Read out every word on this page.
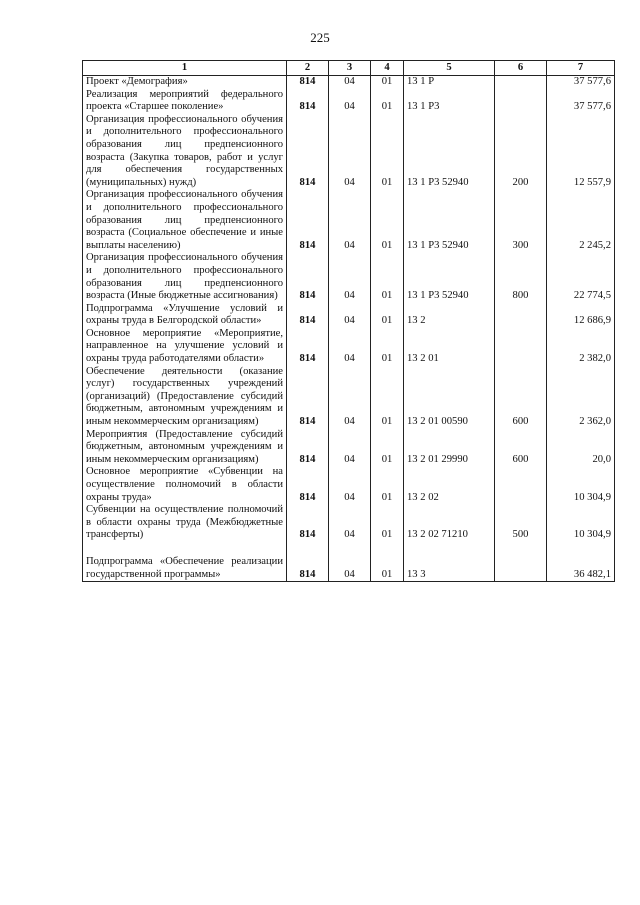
225
1	2	3	4	5	6	7
Проект «Демография»	814	04	01	13 1 P		37 577,6
Реализация мероприятий федерального проекта «Старшее поколение»	814	04	01	13 1 P3		37 577,6
Организация профессионального обучения и дополнительного профессионального образования лиц предпенсионного возраста (Закупка товаров, работ и услуг для обеспечения государственных (муниципальных) нужд)	814	04	01	13 1 P3 52940	200	12 557,9
Организация профессионального обучения и дополнительного профессионального образования лиц предпенсионного возраста (Социальное обеспечение и иные выплаты населению)	814	04	01	13 1 P3 52940	300	2 245,2
Организация профессионального обучения и дополнительного профессионального образования лиц предпенсионного возраста (Иные бюджетные ассигнования)	814	04	01	13 1 P3 52940	800	22 774,5
Подпрограмма «Улучшение условий и охраны труда в Белгородской области»	814	04	01	13 2		12 686,9
Основное мероприятие «Мероприятие, направленное на улучшение условий и охраны труда работодателями области»	814	04	01	13 2 01		2 382,0
Обеспечение деятельности (оказание услуг) государственных учреждений (организаций) (Предоставление субсидий бюджетным, автономным учреждениям и иным некоммерческим организациям)	814	04	01	13 2 01 00590	600	2 362,0
Мероприятия (Предоставление субсидий бюджетным, автономным учреждениям и иным некоммерческим организациям)	814	04	01	13 2 01 29990	600	20,0
Основное мероприятие «Субвенции на осуществление полномочий в области охраны труда»	814	04	01	13 2 02		10 304,9
Субвенции на осуществление полномочий в области охраны труда (Межбюджетные трансферты)	814	04	01	13 2 02 71210	500	10 304,9
Подпрограмма «Обеспечение реализации государственной программы»	814	04	01	13 3		36 482,1
